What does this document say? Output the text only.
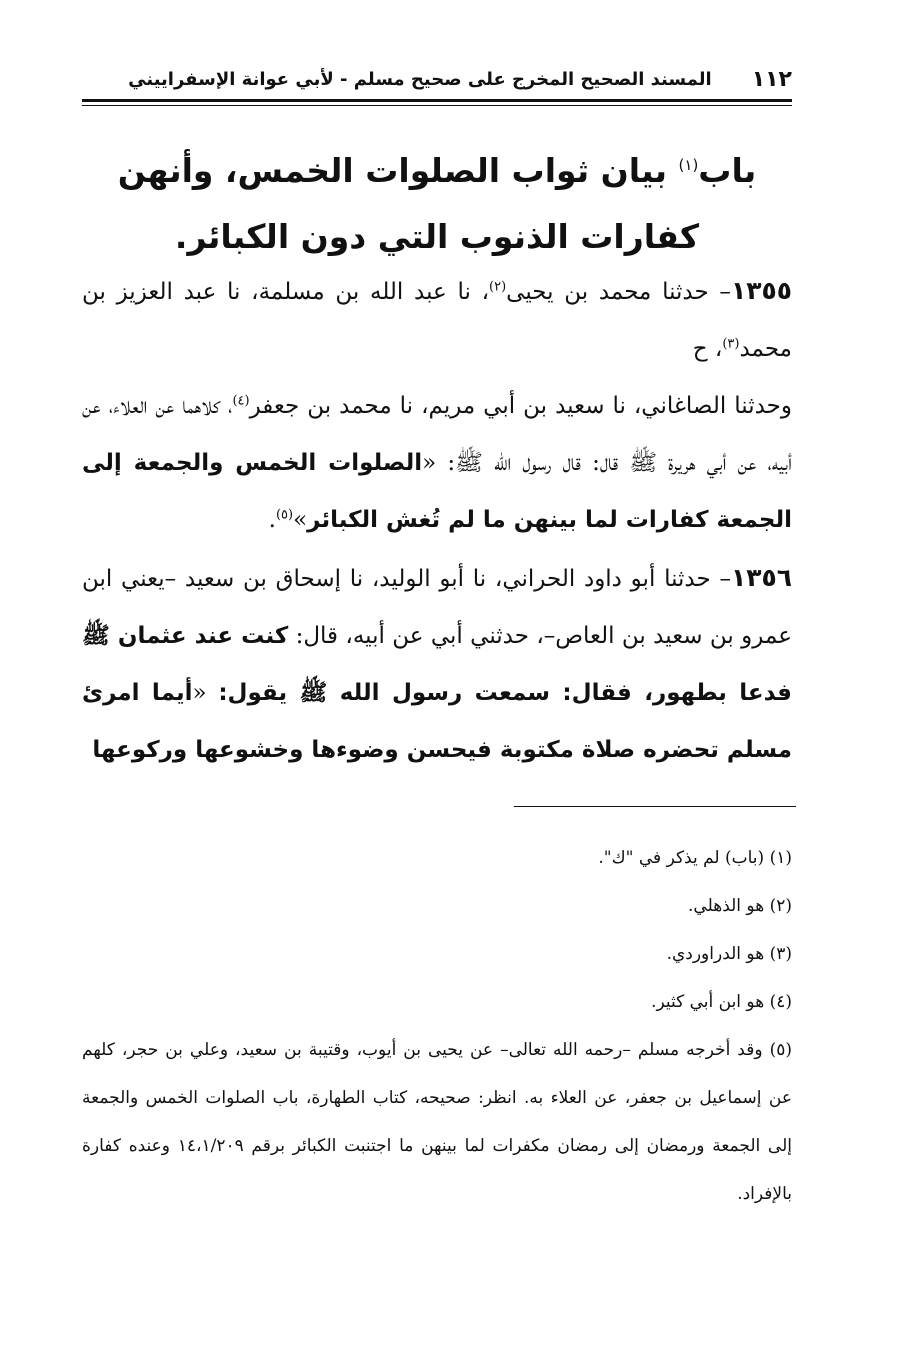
١١٢
المسند الصحيح المخرج على صحيح مسلم - لأبي عوانة الإسفراييني
باب$^{(١)}$ بيان ثواب الصلوات الخمس، وأنهن كفارات الذنوب التي دون الكبائر.

١٣٥٥– حدثنا محمد بن يحيى$^{(٢)}$، نا عبد الله بن مسلمة، نا عبد العزيز بن محمد$^{(٣)}$، ح

وحدثنا الصاغاني، نا سعيد بن أبي مريم، نا محمد بن جعفر$^{(٤)}$، كلاهما عن العلاء، عن أبيه، عن أبي هريرة ﷺ قال: قال رسول الله ﷺ: «الصلوات الخمس والجمعة إلى الجمعة كفارات لما بينهن ما لم تُغش الكبائر»$^{(٥)}$.

١٣٥٦– حدثنا أبو داود الحراني، نا أبو الوليد، نا إسحاق بن سعيد –يعني ابن عمرو بن سعيد بن العاص–، حدثني أبي عن أبيه، قال: كنت عند عثمان ﷺ فدعا بطهور، فقال: سمعت رسول الله ﷺ يقول: «أيما امرئ مسلم تحضره صلاة مكتوبة فيحسن وضوءها وخشوعها وركوعها

(١) (باب) لم يذكر في "ك".

(٢) هو الذهلي.

(٣) هو الدراوردي.

(٤) هو ابن أبي كثير.

(٥) وقد أخرجه مسلم –رحمه الله تعالى– عن يحيى بن أيوب، وقتيبة بن سعيد، وعلي بن حجر، كلهم عن إسماعيل بن جعفر، عن العلاء به. انظر: صحيحه، كتاب الطهارة، باب الصلوات الخمس والجمعة إلى الجمعة ورمضان إلى رمضان مكفرات لما بينهن ما اجتنبت الكبائر برقم ١٤،١/٢٠٩ وعنده كفارة بالإفراد.
